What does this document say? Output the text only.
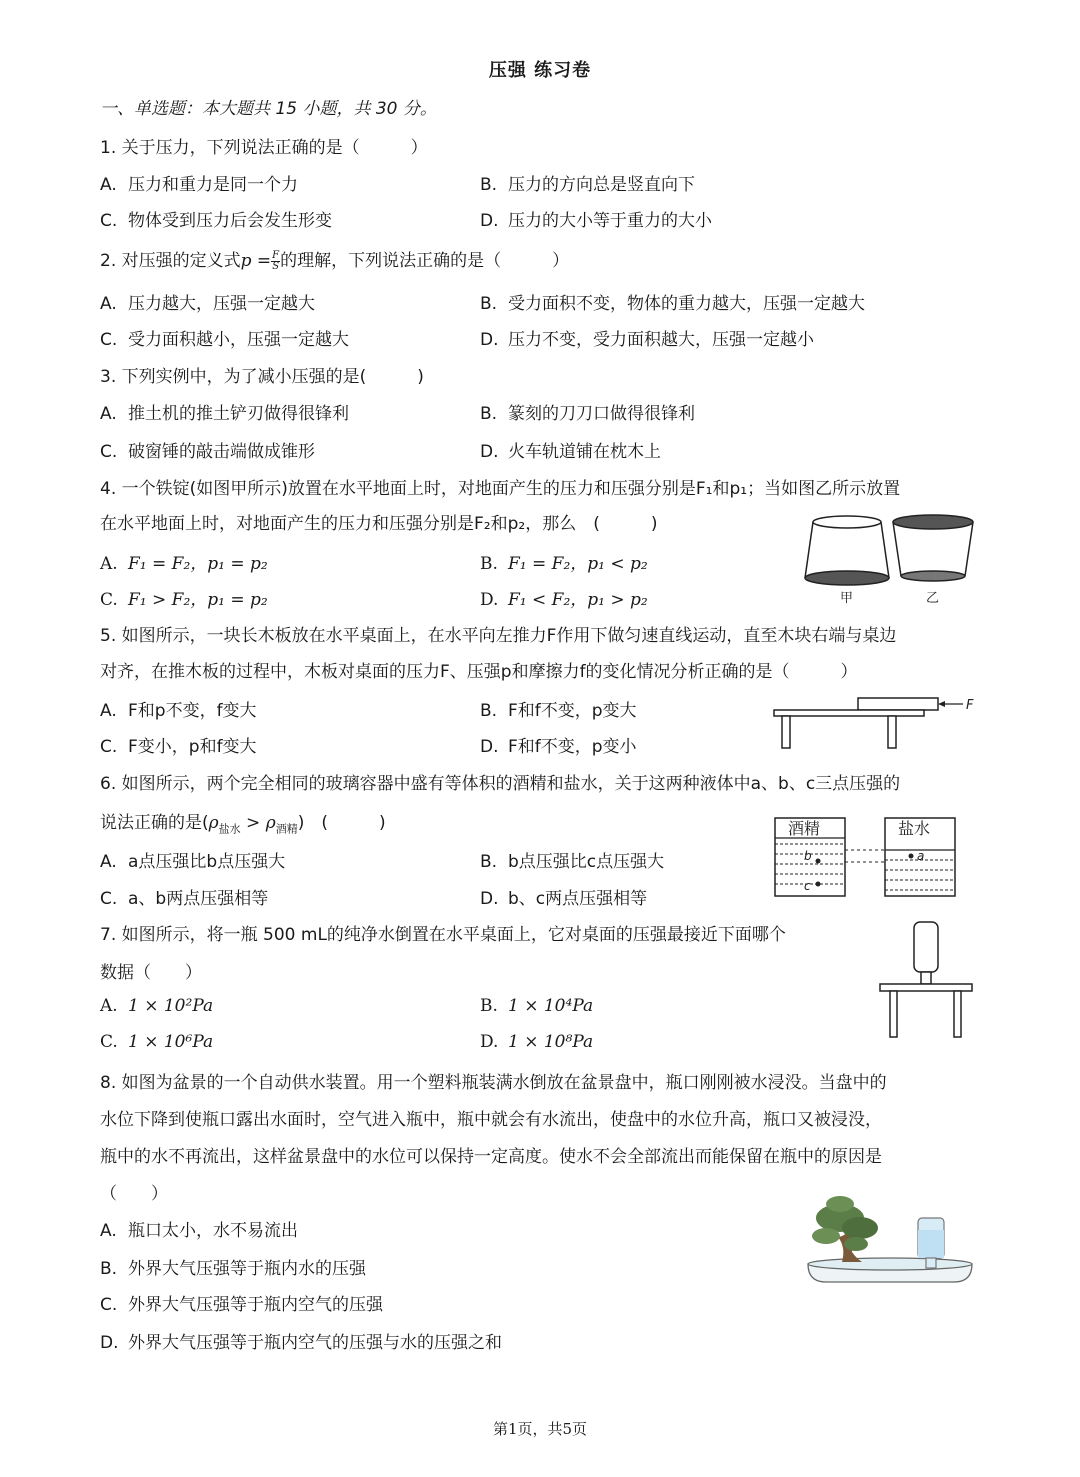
压强 练习卷
一、单选题：本大题共 15 小题，共 30 分。
1. 关于压力，下列说法正确的是（　　　）
A. 压力和重力是同一个力	B. 压力的方向总是竖直向下
C. 物体受到压力后会发生形变	D. 压力的大小等于重力的大小
2. 对压强的定义式$p = \frac{F}{S}$ 的理解，下列说法正确的是（　　　）
A. 压力越大，压强一定越大	B. 受力面积不变，物体的重力越大，压强一定越大
C. 受力面积越小，压强一定越大	D. 压力不变，受力面积越大，压强一定越小
3. 下列实例中，为了减小压强的是(　　　)
A. 推土机的推土铲刃做得很锋利	B. 篆刻的刀刀口做得很锋利
C. 破窗锤的敲击端做成锥形	D. 火车轨道铺在枕木上
4. 一个铁锭(如图甲所示)放置在水平地面上时，对地面产生的压力和压强分别是F₁和p₁；当如图乙所示放置
在水平地面上时，对地面产生的压力和压强分别是F₂和p₂，那么　(　　　)
A. F₁ = F₂，p₁ = p₂	B. F₁ = F₂，p₁ < p₂
C. F₁ > F₂，p₁ = p₂	D. F₁ < F₂，p₁ > p₂	甲	乙
5. 如图所示，一块长木板放在水平桌面上，在水平向左推力F作用下做匀速直线运动，直至木块右端与桌边
对齐，在推木板的过程中，木板对桌面的压力F、压强p和摩擦力f的变化情况分析正确的是（　　　）
A. F和p不变，f变大	B. F和f不变，p变大
C. F变小，p和f变大	D. F和f不变，p变小
F
6. 如图所示，两个完全相同的玻璃容器中盛有等体积的酒精和盐水，关于这两种液体中a、b、c三点压强的
说法正确的是$(\rho_{盐水} > \rho_{酒精})$　(　　　)
A. a点压强比b点压强大	B. b点压强比c点压强大
C. a、b两点压强相等	D. b、c两点压强相等
酒精	盐水
b
c
a
7. 如图所示，将一瓶 500 mL的纯净水倒置在水平桌面上，它对桌面的压强最接近下面哪个
数据（　　）
A. 1 × 10²Pa	B. 1 × 10⁴Pa
C. 1 × 10⁶Pa	D. 1 × 10⁸Pa
8. 如图为盆景的一个自动供水装置。用一个塑料瓶装满水倒放在盆景盘中，瓶口刚刚被水浸没。当盘中的
水位下降到使瓶口露出水面时，空气进入瓶中，瓶中就会有水流出，使盘中的水位升高，瓶口又被浸没，
瓶中的水不再流出，这样盆景盘中的水位可以保持一定高度。使水不会全部流出而能保留在瓶中的原因是
（　　）
A. 瓶口太小，水不易流出
B. 外界大气压强等于瓶内水的压强
C. 外界大气压强等于瓶内空气的压强
D. 外界大气压强等于瓶内空气的压强与水的压强之和
第1页，共5页
